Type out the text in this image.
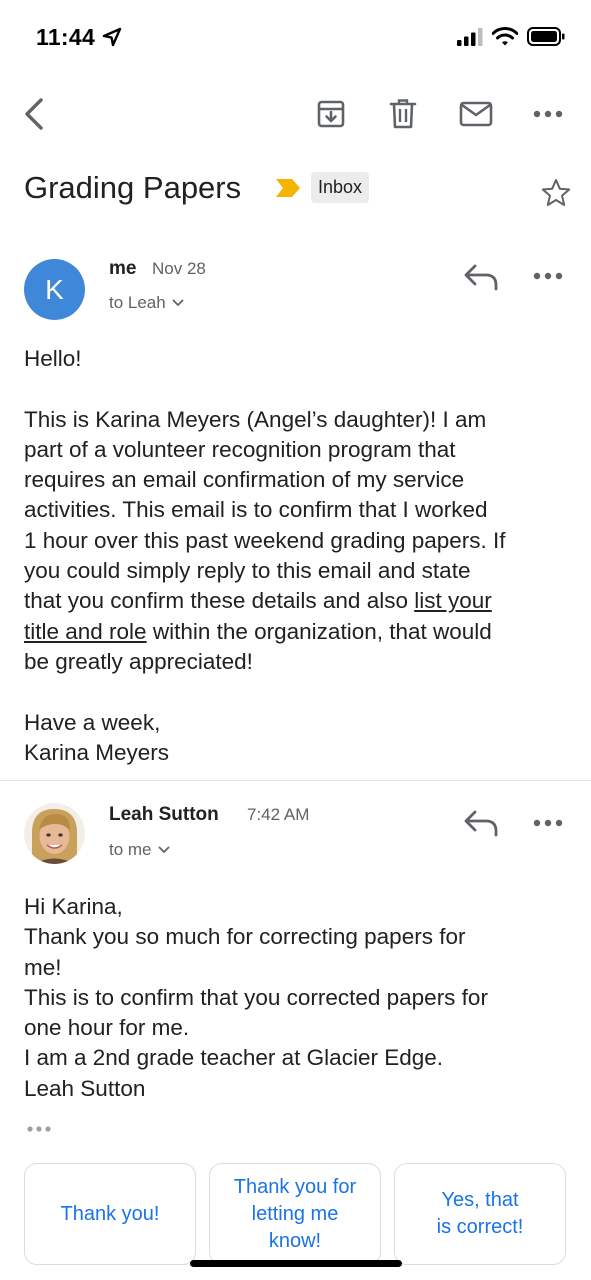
11:44
Grading Papers	Inbox
K
me Nov 28
to Leah

Hello!

This is Karina Meyers (Angel’s daughter)! I am

part of a volunteer recognition program that

requires an email confirmation of my service

activities. This email is to confirm that I worked

1 hour over this past weekend grading papers. If

you could simply reply to this email and state

that you confirm these details and also list your

title and role within the organization, that would

be greatly appreciated!

Have a week,

Karina Meyers

Leah Sutton 7:42 AM
to me

Hi Karina,

Thank you so much for correcting papers for

me!

This is to confirm that you corrected papers for

one hour for me.

I am a 2nd grade teacher at Glacier Edge.

Leah Sutton

Thank you!
Thank you for
letting me
know!
Yes, that
is correct!
